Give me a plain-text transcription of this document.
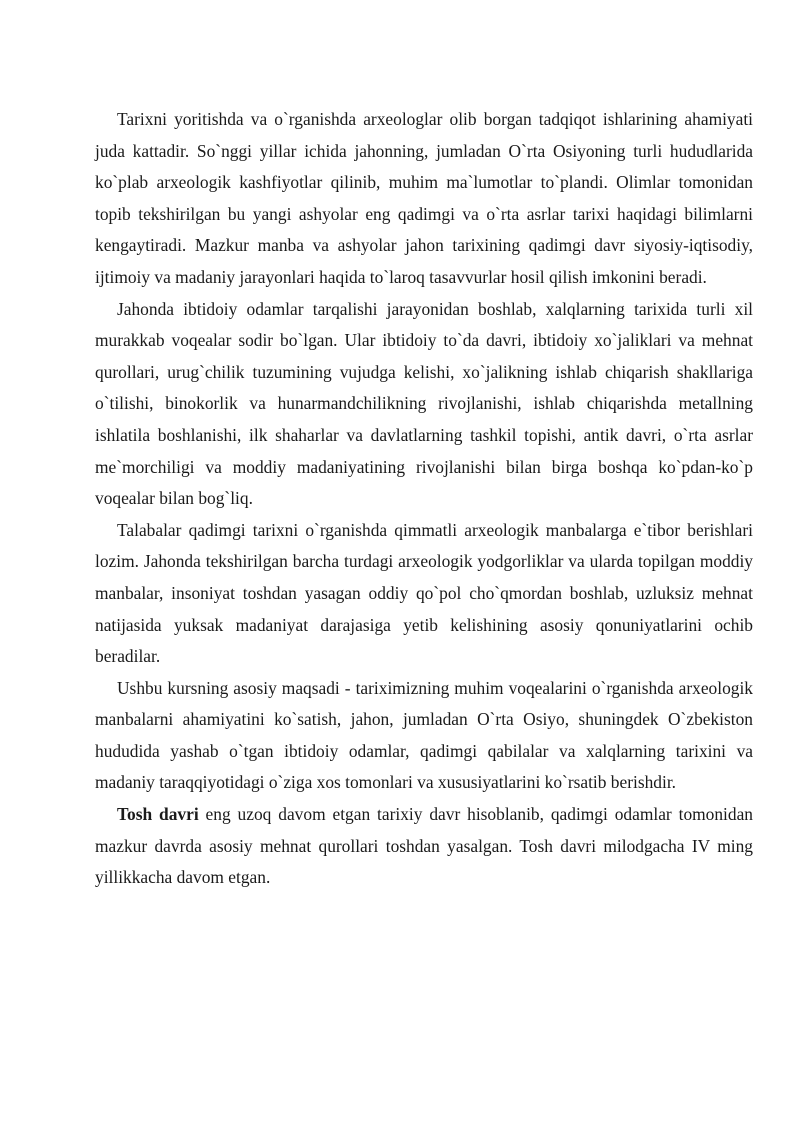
Tarixni yoritishda va o`rganishda arxeologlar olib borgan tadqiqot ishlarining ahamiyati juda kattadir. So`nggi yillar ichida jahonning, jumladan O`rta Osiyoning turli hududlarida ko`plab arxeologik kashfiyotlar qilinib, muhim ma`lumotlar to`plandi. Olimlar tomonidan topib tekshirilgan bu yangi ashyolar eng qadimgi va o`rta asrlar tarixi haqidagi bilimlarni kengaytiradi. Mazkur manba va ashyolar jahon tarixining qadimgi davr siyosiy-iqtisodiy, ijtimoiy va madaniy jarayonlari haqida to`laroq tasavvurlar hosil qilish imkonini beradi.

Jahonda ibtidoiy odamlar tarqalishi jarayonidan boshlab, xalqlarning tarixida turli xil murakkab voqealar sodir bo`lgan. Ular ibtidoiy to`da davri, ibtidoiy xo`jaliklari va mehnat qurollari, urug`chilik tuzumining vujudga kelishi, xo`jalikning ishlab chiqarish shakllariga o`tilishi, binokorlik va hunarmandchilikning rivojlanishi, ishlab chiqarishda metallning ishlatila boshlanishi, ilk shaharlar va davlatlarning tashkil topishi, antik davri, o`rta asrlar me`morchiligi va moddiy madaniyatining rivojlanishi bilan birga boshqa ko`pdan-ko`p voqealar bilan bog`liq.

Talabalar qadimgi tarixni o`rganishda qimmatli arxeologik manbalarga e`tibor berishlari lozim. Jahonda tekshirilgan barcha turdagi arxeologik yodgorliklar va ularda topilgan moddiy manbalar, insoniyat toshdan yasagan oddiy qo`pol cho`qmordan boshlab, uzluksiz mehnat natijasida yuksak madaniyat darajasiga yetib kelishining asosiy qonuniyatlarini ochib beradilar.

Ushbu kursning asosiy maqsadi - tariximizning muhim voqealarini o`rganishda arxeologik manbalarni ahamiyatini ko`satish, jahon, jumladan O`rta Osiyo, shuningdek O`zbekiston hududida yashab o`tgan ibtidoiy odamlar, qadimgi qabilalar va xalqlarning tarixini va madaniy taraqqiyotidagi o`ziga xos tomonlari va xususiyatlarini ko`rsatib berishdir.

Tosh davri eng uzoq davom etgan tarixiy davr hisoblanib, qadimgi odamlar tomonidan mazkur davrda asosiy mehnat qurollari toshdan yasalgan. Tosh davri milodgacha IV ming yillikkacha davom etgan.
